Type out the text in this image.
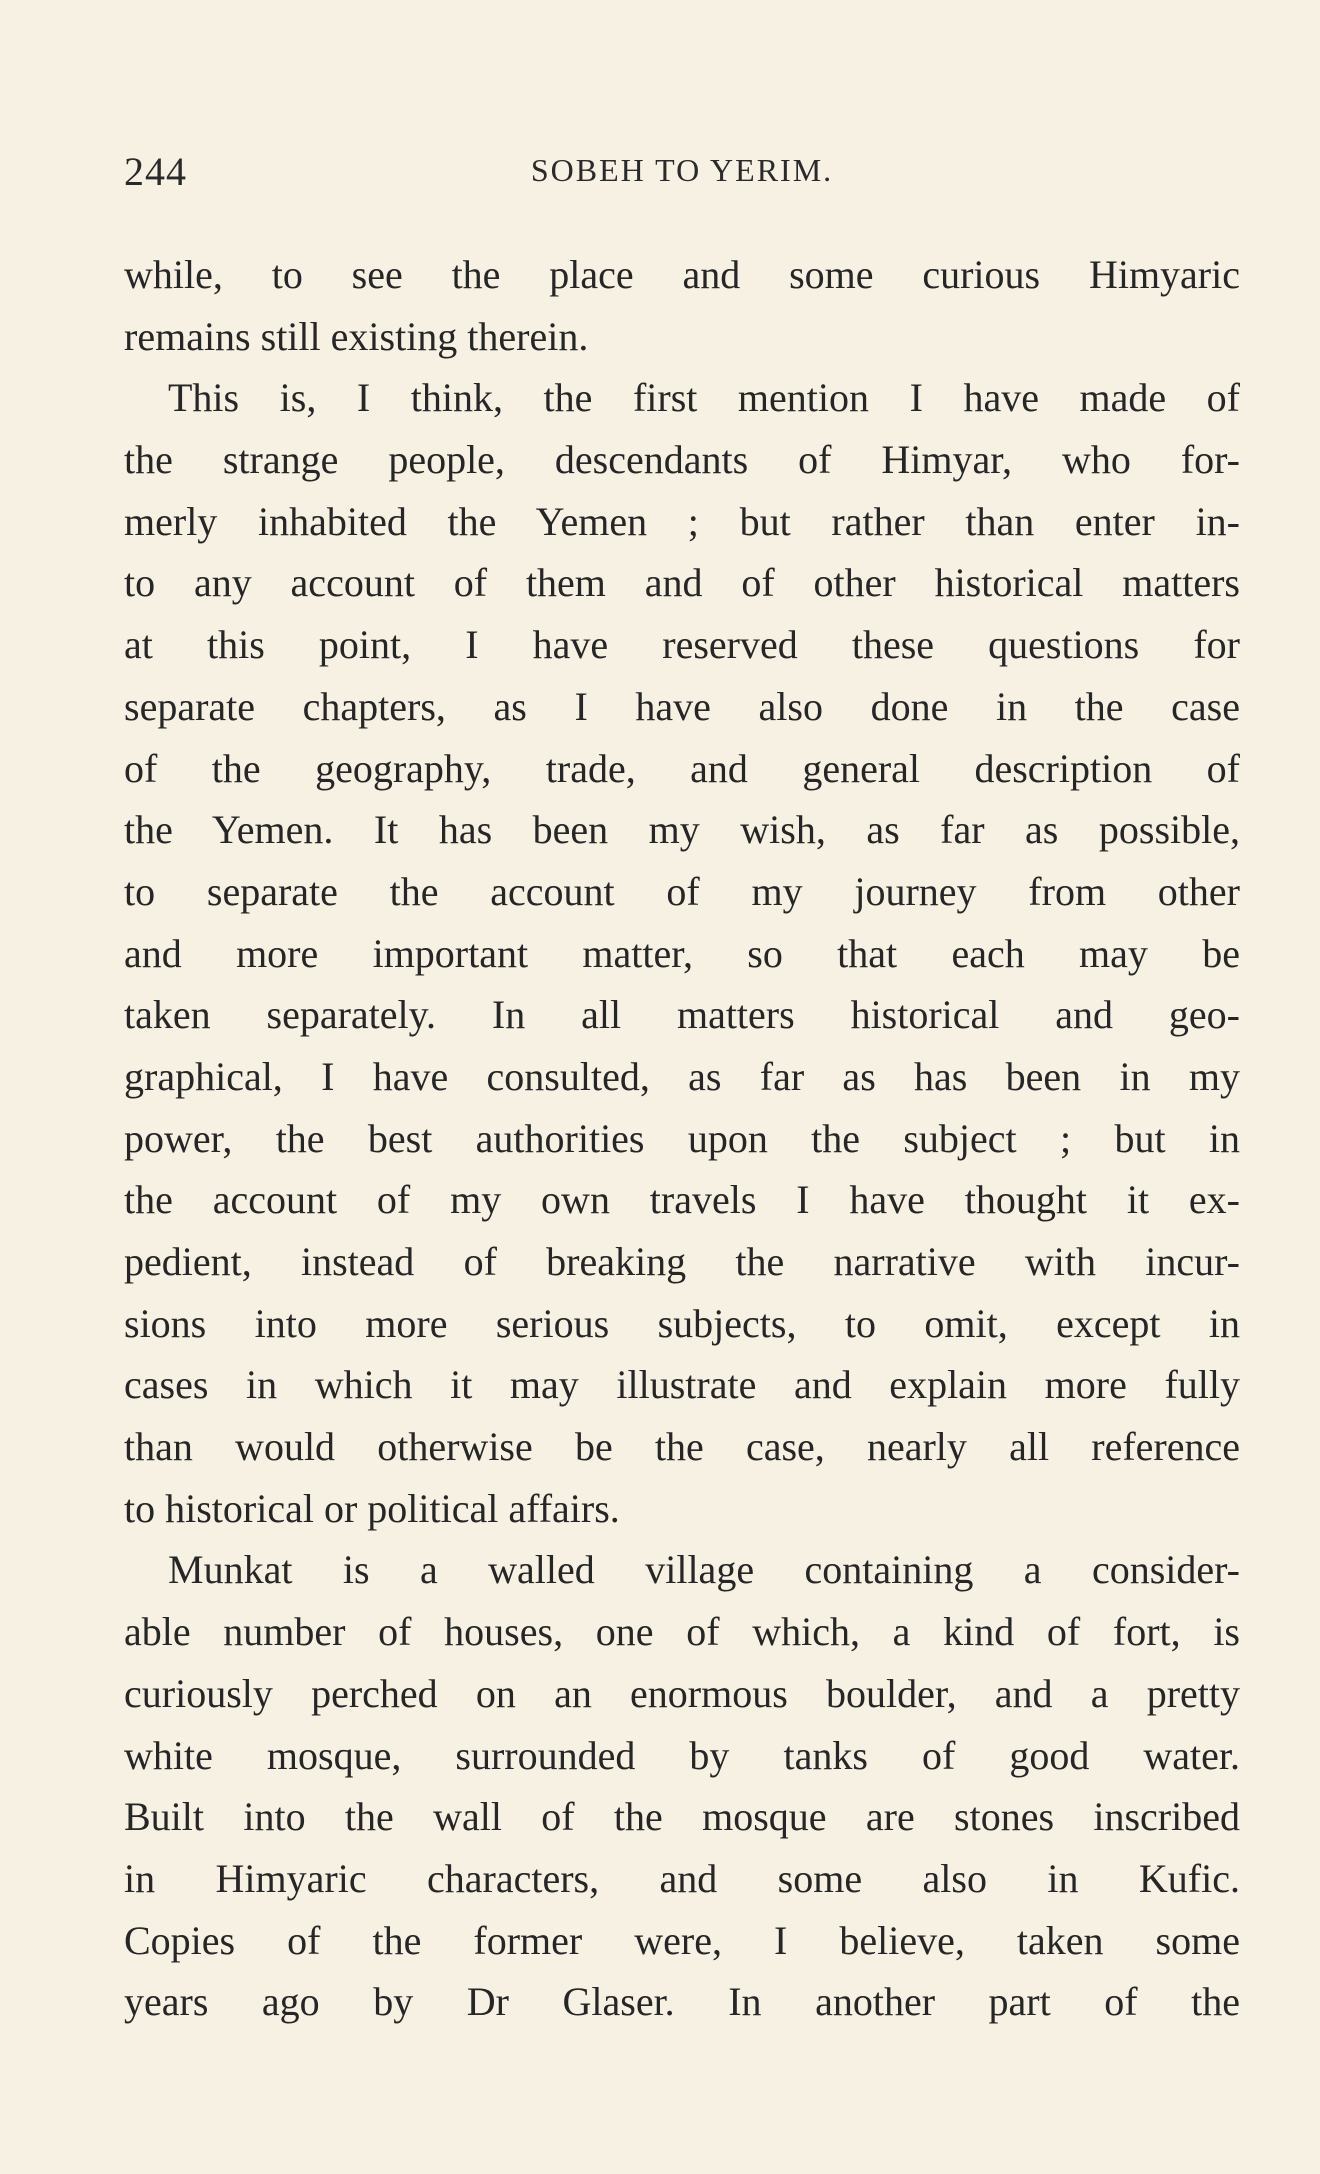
244	SOBEH TO YERIM.
while, to see the place and some curious Himyaric
remains still existing therein.
This is, I think, the first mention I have made of
the strange people, descendants of Himyar, who for-
merly inhabited the Yemen ; but rather than enter in-
to any account of them and of other historical matters
at this point, I have reserved these questions for
separate chapters, as I have also done in the case
of the geography, trade, and general description of
the Yemen. It has been my wish, as far as possible,
to separate the account of my journey from other
and more important matter, so that each may be
taken separately. In all matters historical and geo-
graphical, I have consulted, as far as has been in my
power, the best authorities upon the subject ; but in
the account of my own travels I have thought it ex-
pedient, instead of breaking the narrative with incur-
sions into more serious subjects, to omit, except in
cases in which it may illustrate and explain more fully
than would otherwise be the case, nearly all reference
to historical or political affairs.
Munkat is a walled village containing a consider-
able number of houses, one of which, a kind of fort, is
curiously perched on an enormous boulder, and a pretty
white mosque, surrounded by tanks of good water.
Built into the wall of the mosque are stones inscribed
in Himyaric characters, and some also in Kufic.
Copies of the former were, I believe, taken some
years ago by Dr Glaser. In another part of the
